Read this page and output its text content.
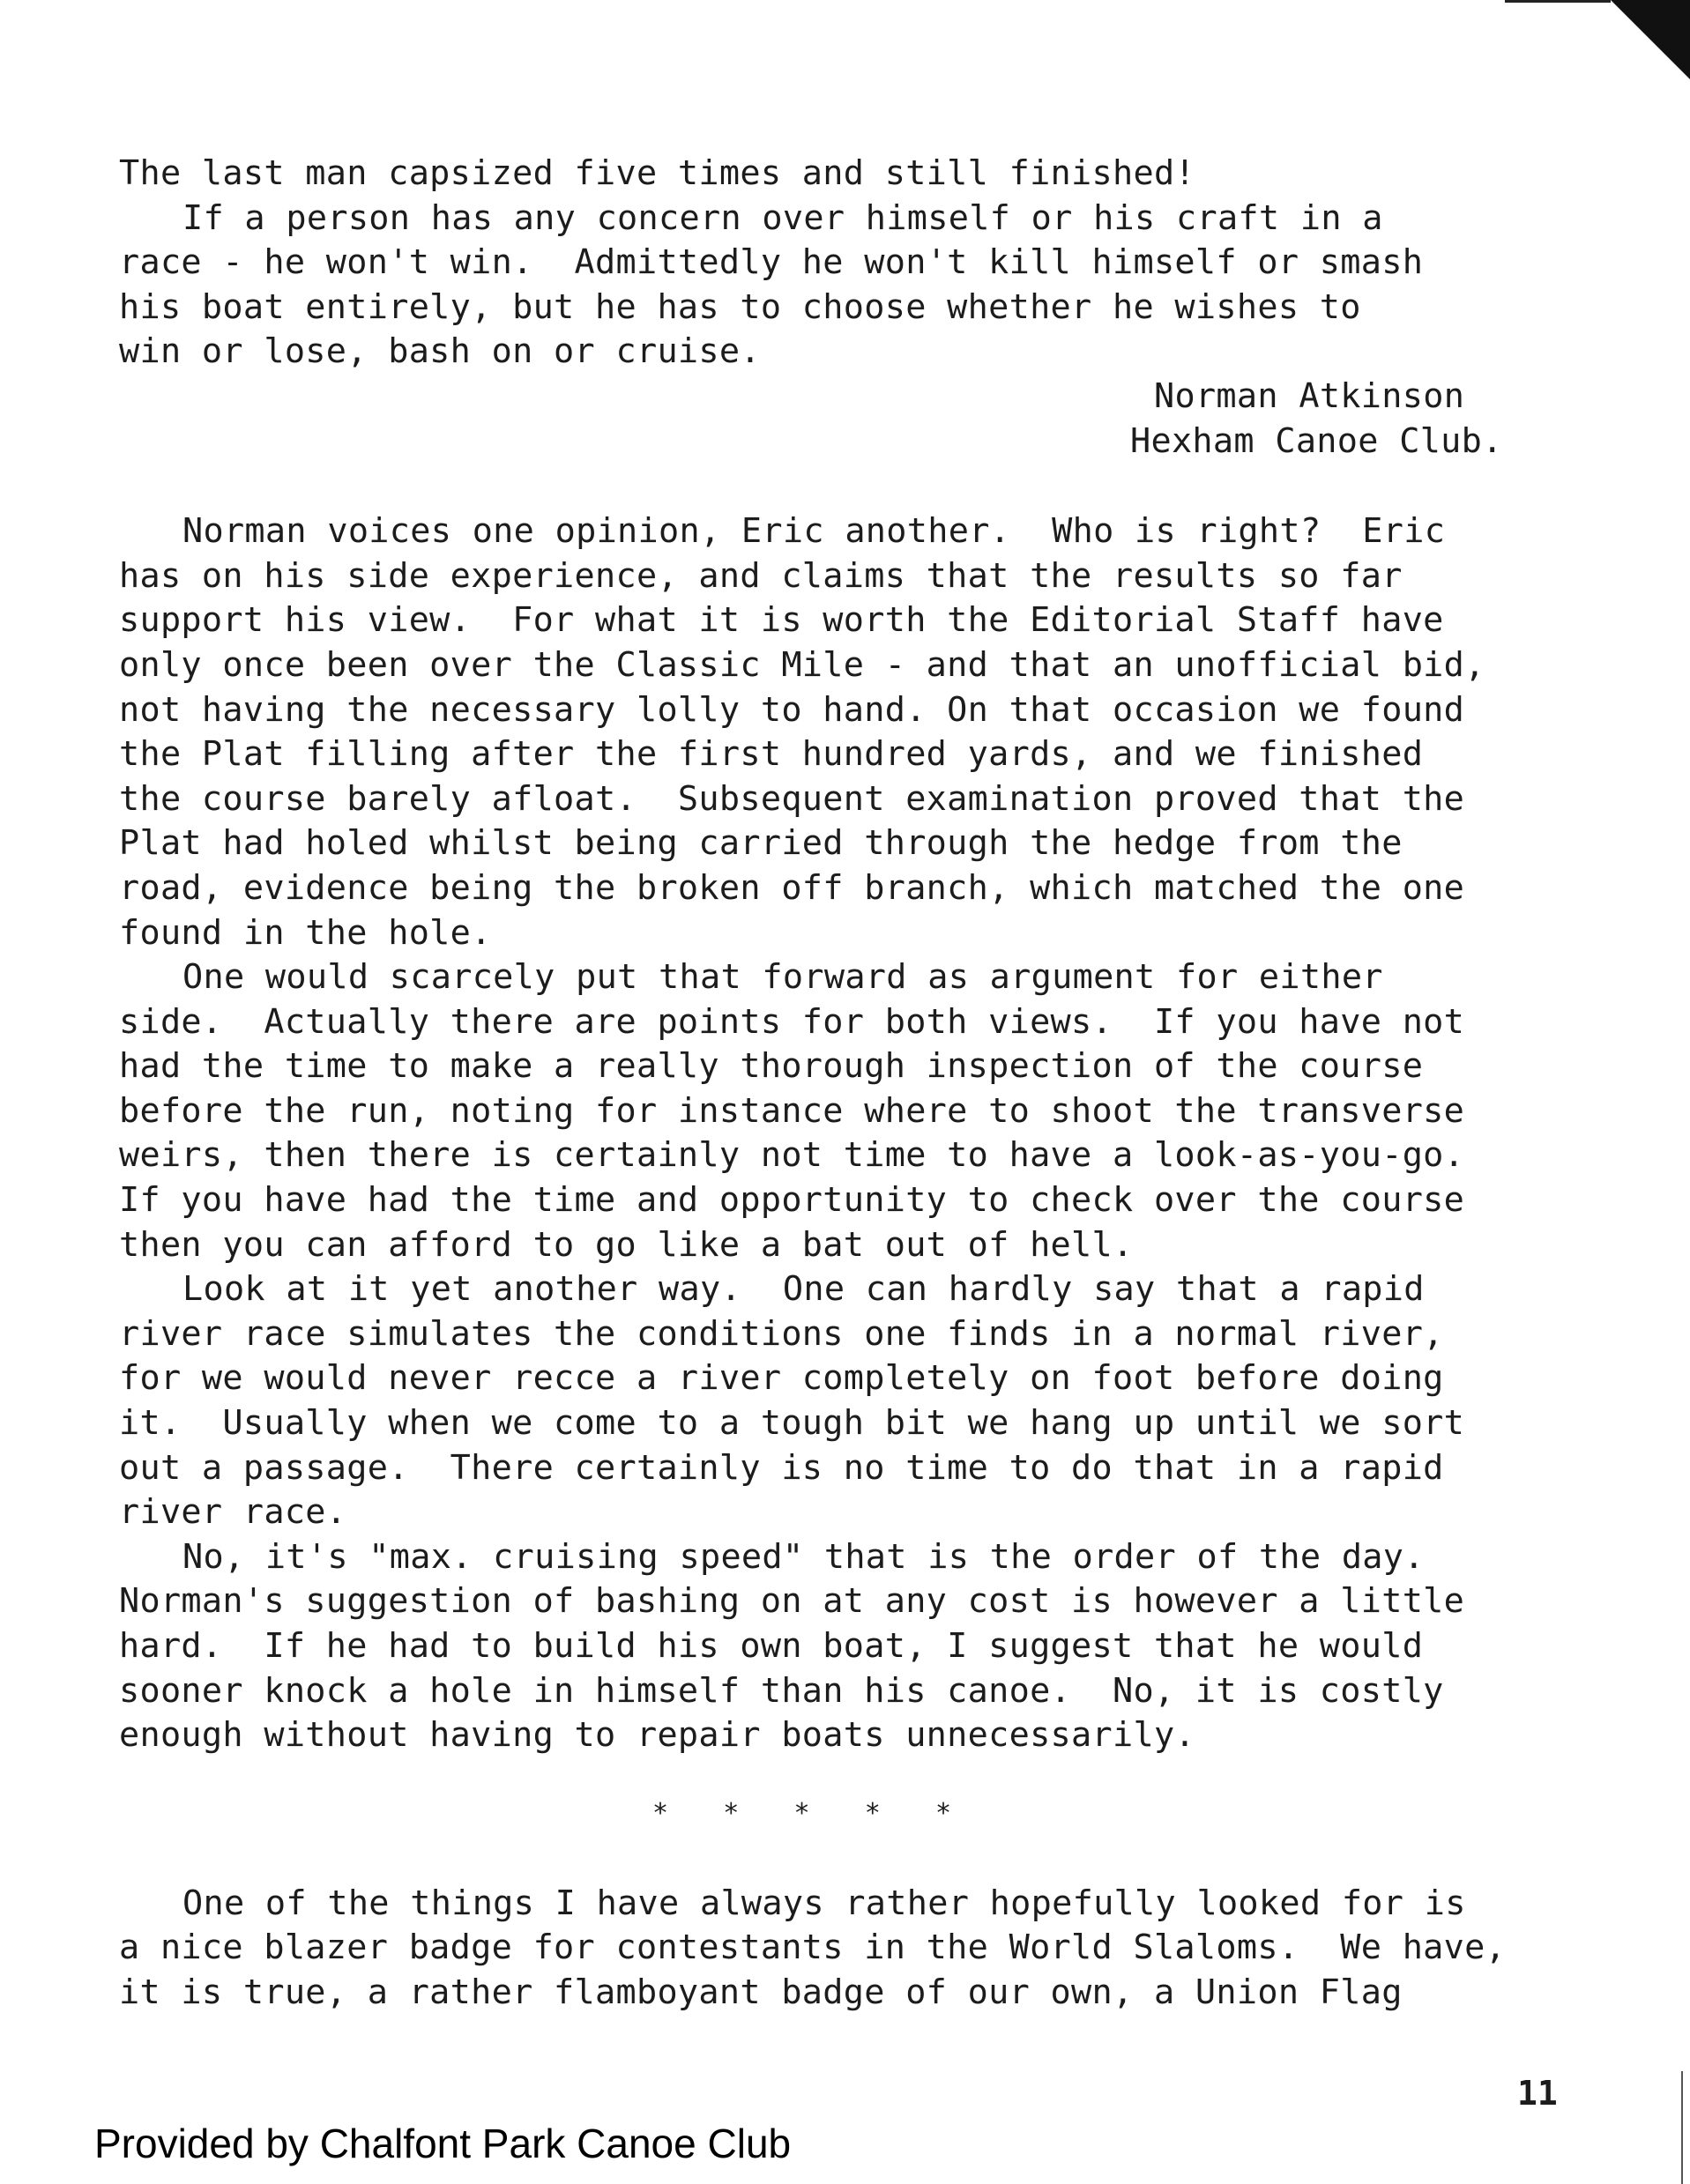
The last man capsized five times and still finished!
If a person has any concern over himself or his craft in a
race - he won't win.  Admittedly he won't kill himself or smash
his boat entirely, but he has to choose whether he wishes to
win or lose, bash on or cruise.
Norman Atkinson
Hexham Canoe Club.
Norman voices one opinion, Eric another.  Who is right?  Eric
has on his side experience, and claims that the results so far
support his view.  For what it is worth the Editorial Staff have
only once been over the Classic Mile - and that an unofficial bid,
not having the necessary lolly to hand. On that occasion we found
the Plat filling after the first hundred yards, and we finished
the course barely afloat.  Subsequent examination proved that the
Plat had holed whilst being carried through the hedge from the
road, evidence being the broken off branch, which matched the one
found in the hole.
One would scarcely put that forward as argument for either
side.  Actually there are points for both views.  If you have not
had the time to make a really thorough inspection of the course
before the run, noting for instance where to shoot the transverse
weirs, then there is certainly not time to have a look-as-you-go.
If you have had the time and opportunity to check over the course
then you can afford to go like a bat out of hell.
Look at it yet another way.  One can hardly say that a rapid
river race simulates the conditions one finds in a normal river,
for we would never recce a river completely on foot before doing
it.  Usually when we come to a tough bit we hang up until we sort
out a passage.  There certainly is no time to do that in a rapid
river race.
No, it's "max. cruising speed" that is the order of the day.
Norman's suggestion of bashing on at any cost is however a little
hard.  If he had to build his own boat, I suggest that he would
sooner knock a hole in himself than his canoe.  No, it is costly
enough without having to repair boats unnecessarily.
*   *   *   *   *
One of the things I have always rather hopefully looked for is
a nice blazer badge for contestants in the World Slaloms.  We have,
it is true, a rather flamboyant badge of our own, a Union Flag
11
Provided by Chalfont Park Canoe Club
